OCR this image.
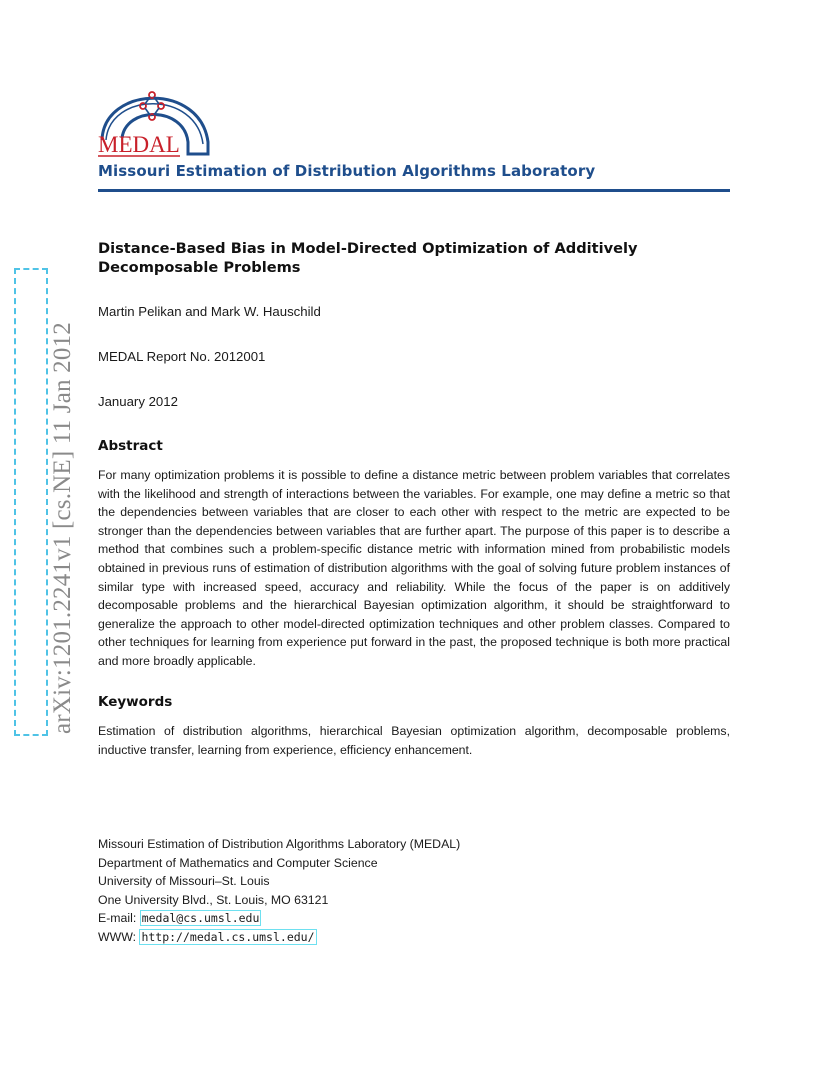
arXiv:1201.2241v1 [cs.NE] 11 Jan 2012
MEDAL
Missouri Estimation of Distribution Algorithms Laboratory
Distance-Based Bias in Model-Directed Optimization of Additively Decomposable Problems

Martin Pelikan and Mark W. Hauschild

MEDAL Report No. 2012001

January 2012

Abstract

For many optimization problems it is possible to define a distance metric between problem variables that correlates with the likelihood and strength of interactions between the variables. For example, one may define a metric so that the dependencies between variables that are closer to each other with respect to the metric are expected to be stronger than the dependencies between variables that are further apart. The purpose of this paper is to describe a method that combines such a problem-specific distance metric with information mined from probabilistic models obtained in previous runs of estimation of distribution algorithms with the goal of solving future problem instances of similar type with increased speed, accuracy and reliability. While the focus of the paper is on additively decomposable problems and the hierarchical Bayesian optimization algorithm, it should be straightforward to generalize the approach to other model-directed optimization techniques and other problem classes. Compared to other techniques for learning from experience put forward in the past, the proposed technique is both more practical and more broadly applicable.

Keywords

Estimation of distribution algorithms, hierarchical Bayesian optimization algorithm, decomposable problems, inductive transfer, learning from experience, efficiency enhancement.

Missouri Estimation of Distribution Algorithms Laboratory (MEDAL)
Department of Mathematics and Computer Science
University of Missouri–St. Louis
One University Blvd., St. Louis, MO 63121
E-mail: medal@cs.umsl.edu
WWW: http://medal.cs.umsl.edu/
